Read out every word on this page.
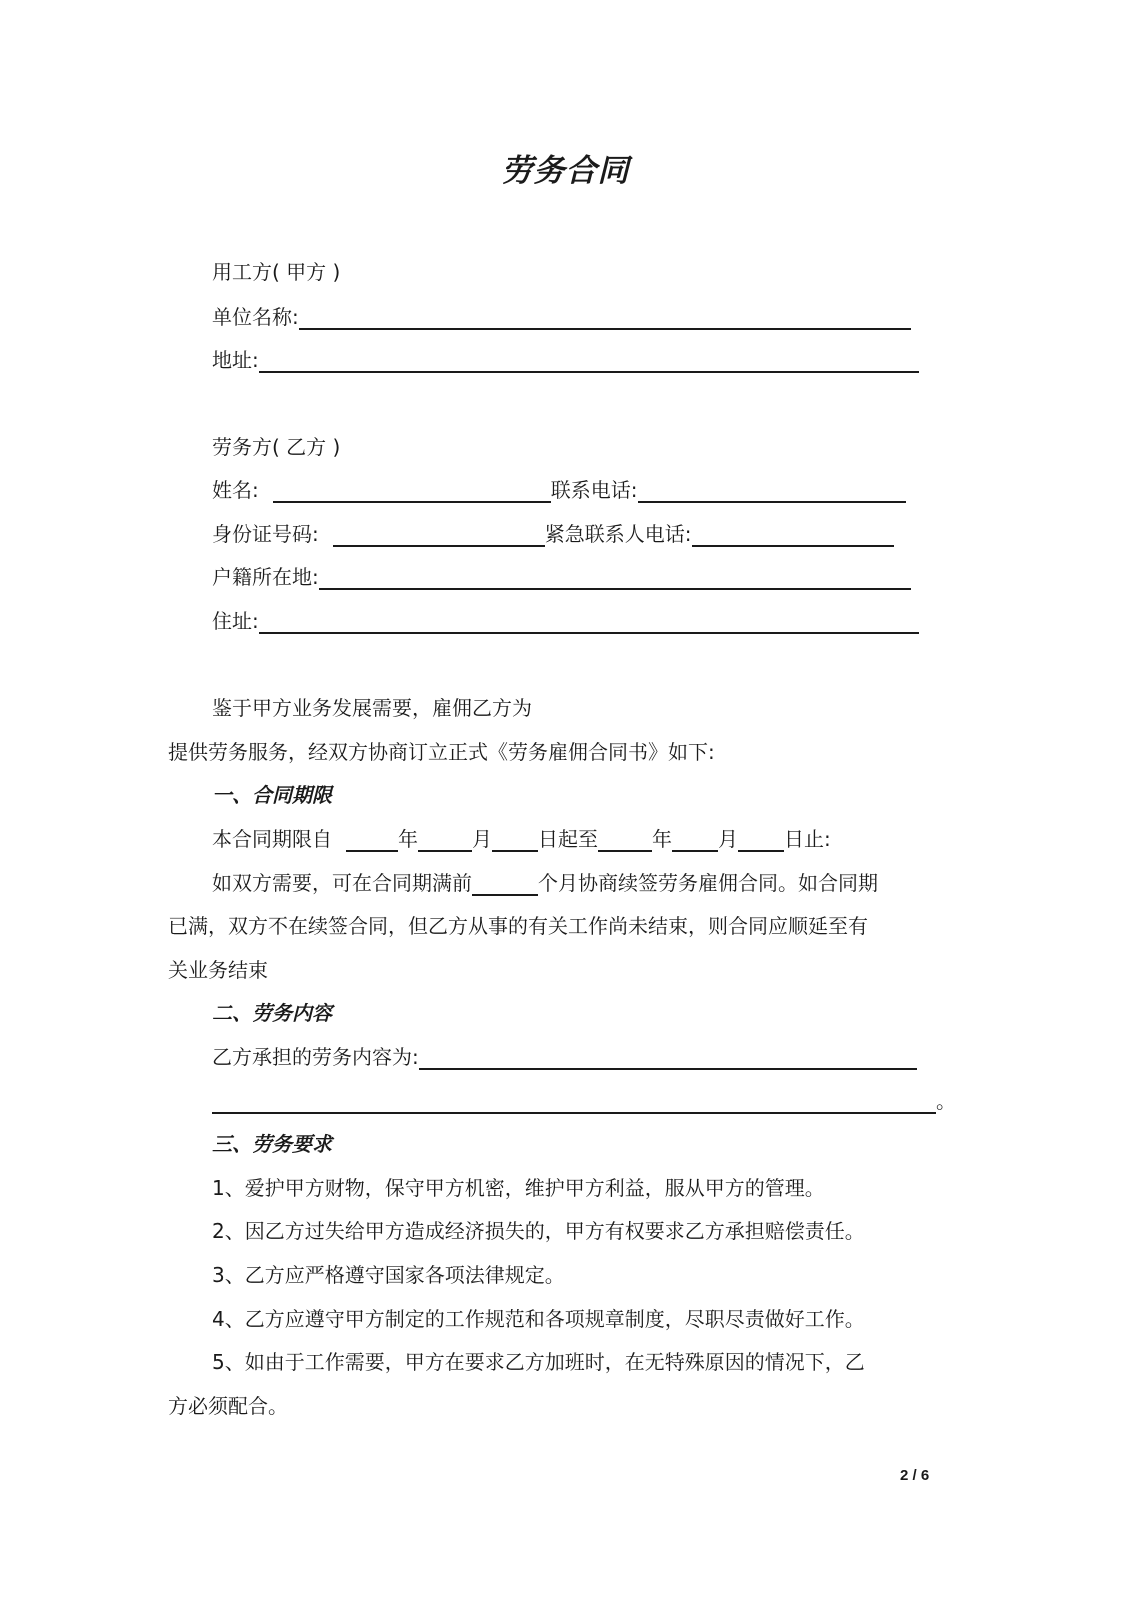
劳务合同
用工方( 甲方 )
单位名称:
地址:
劳务方( 乙方 )
姓名:	联系电话:
身份证号码:	紧急联系人电话:
户籍所在地:
住址:
鉴于甲方业务发展需要，雇佣乙方为
提供劳务服务，经双方协商订立正式《劳务雇佣合同书》如下:
一、合同期限
本合同期限自	年	月 日起至	年 月 日止:
如双方需要，可在合同期满前	个月协商续签劳务雇佣合同。如合同期
已满，双方不在续签合同，但乙方从事的有关工作尚未结束，则合同应顺延至有
关业务结束
二、劳务内容
乙方承担的劳务内容为:
。
三、劳务要求
1、爱护甲方财物，保守甲方机密，维护甲方利益，服从甲方的管理。
2、因乙方过失给甲方造成经济损失的，甲方有权要求乙方承担赔偿责任。
3、乙方应严格遵守国家各项法律规定。
4、乙方应遵守甲方制定的工作规范和各项规章制度，尽职尽责做好工作。
5、如由于工作需要，甲方在要求乙方加班时，在无特殊原因的情况下，乙
方必须配合。
2 / 6
